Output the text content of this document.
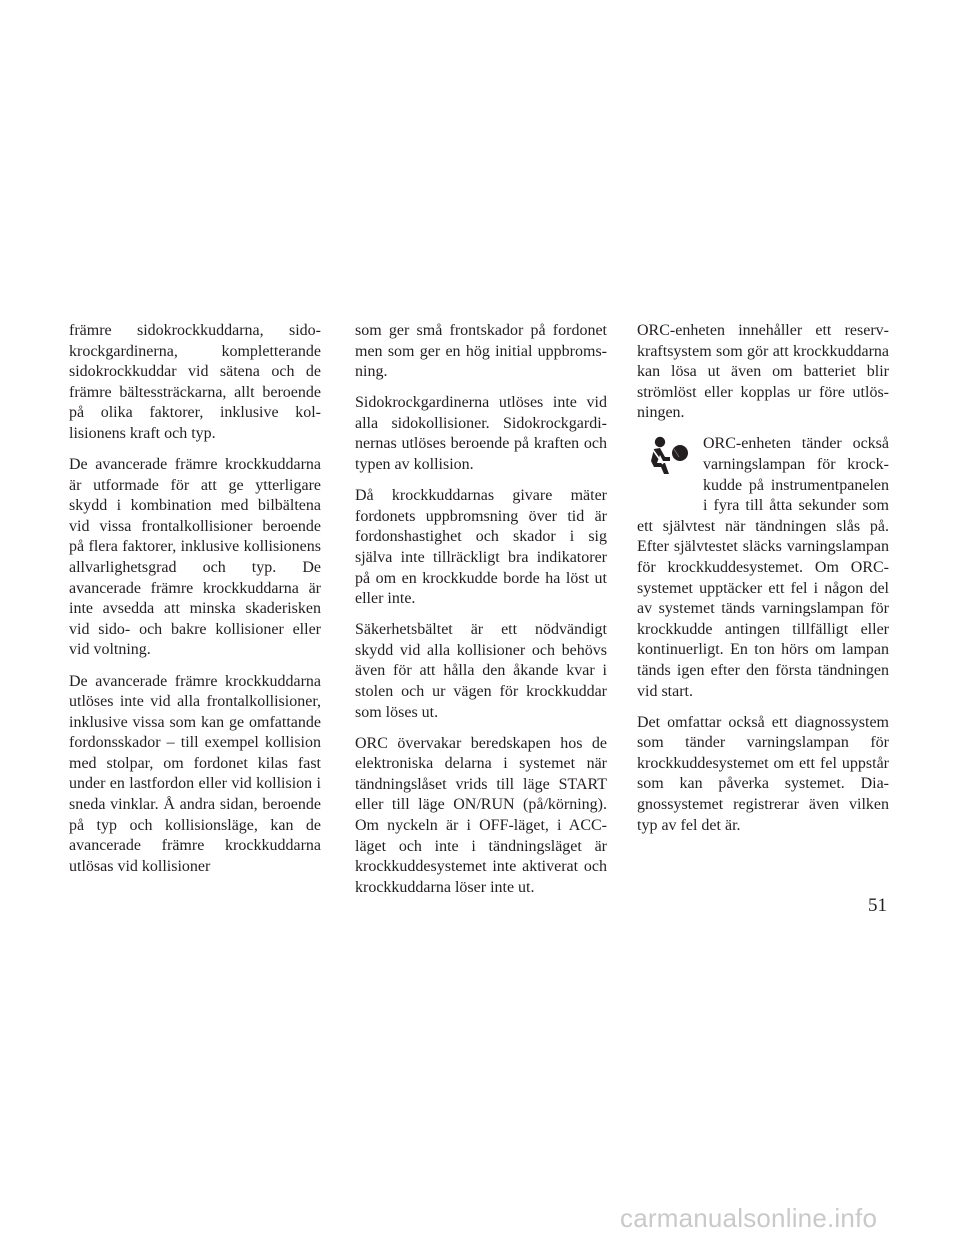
främre sidokrockkuddarna, sidokrockgardinerna, kompletterande sidokrockkuddar vid sätena och de främre bältessträckarna, allt beroende på olika faktorer, inklusive kollisionens kraft och typ.

De avancerade främre krockkuddarna är utformade för att ge ytterligare skydd i kombination med bilbältena vid vissa frontalkollisioner beroende på flera faktorer, inklusive kollisionens allvarlighetsgrad och typ. De avancerade främre krockkuddarna är inte avsedda att minska skaderisken vid sido- och bakre kollisioner eller vid voltning.

De avancerade främre krockkuddarna utlöses inte vid alla frontalkollisioner, inklusive vissa som kan ge omfattande fordonsskador – till exempel kollision med stolpar, om fordonet kilas fast under en lastfordon eller vid kollision i sneda vinklar. Å andra sidan, beroende på typ och kollisionsläge, kan de avancerade främre krockkuddarna utlösas vid kollisioner

som ger små frontskador på fordonet men som ger en hög initial uppbromsning.

Sidokrockgardinerna utlöses inte vid alla sidokollisioner. Sidokrockgardinernas utlöses beroende på kraften och typen av kollision.

Då krockkuddarnas givare mäter fordonets uppbromsning över tid är fordonshastighet och skador i sig själva inte tillräckligt bra indikatorer på om en krockkudde borde ha löst ut eller inte.

Säkerhetsbältet är ett nödvändigt skydd vid alla kollisioner och behövs även för att hålla den åkande kvar i stolen och ur vägen för krockkuddar som löses ut.

ORC övervakar beredskapen hos de elektroniska delarna i systemet när tändningslåset vrids till läge START eller till läge ON/RUN (på/körning). Om nyckeln är i OFF-läget, i ACC-läget och inte i tändningsläget är krockkuddesystemet inte aktiverat och krockkuddarna löser inte ut.

ORC-enheten innehåller ett reservkraftsystem som gör att krockkuddarna kan lösa ut även om batteriet blir strömlöst eller kopplas ur före utlösningen.

ORC-enheten tänder också varningslampan för krockkudde på instrumentpanelen i fyra till åtta sekunder som ett självtest när tändningen slås på. Efter självtestet släcks varningslampan för krockkuddesystemet. Om ORC-systemet upptäcker ett fel i någon del av systemet tänds varningslampan för krockkudde antingen tillfälligt eller kontinuerligt. En ton hörs om lampan tänds igen efter den första tändningen vid start.

Det omfattar också ett diagnossystem som tänder varningslampan för krockkuddesystemet om ett fel uppstår som kan påverka systemet. Diagnossystemet registrerar även vilken typ av fel det är.

51
carmanualsonline.info
